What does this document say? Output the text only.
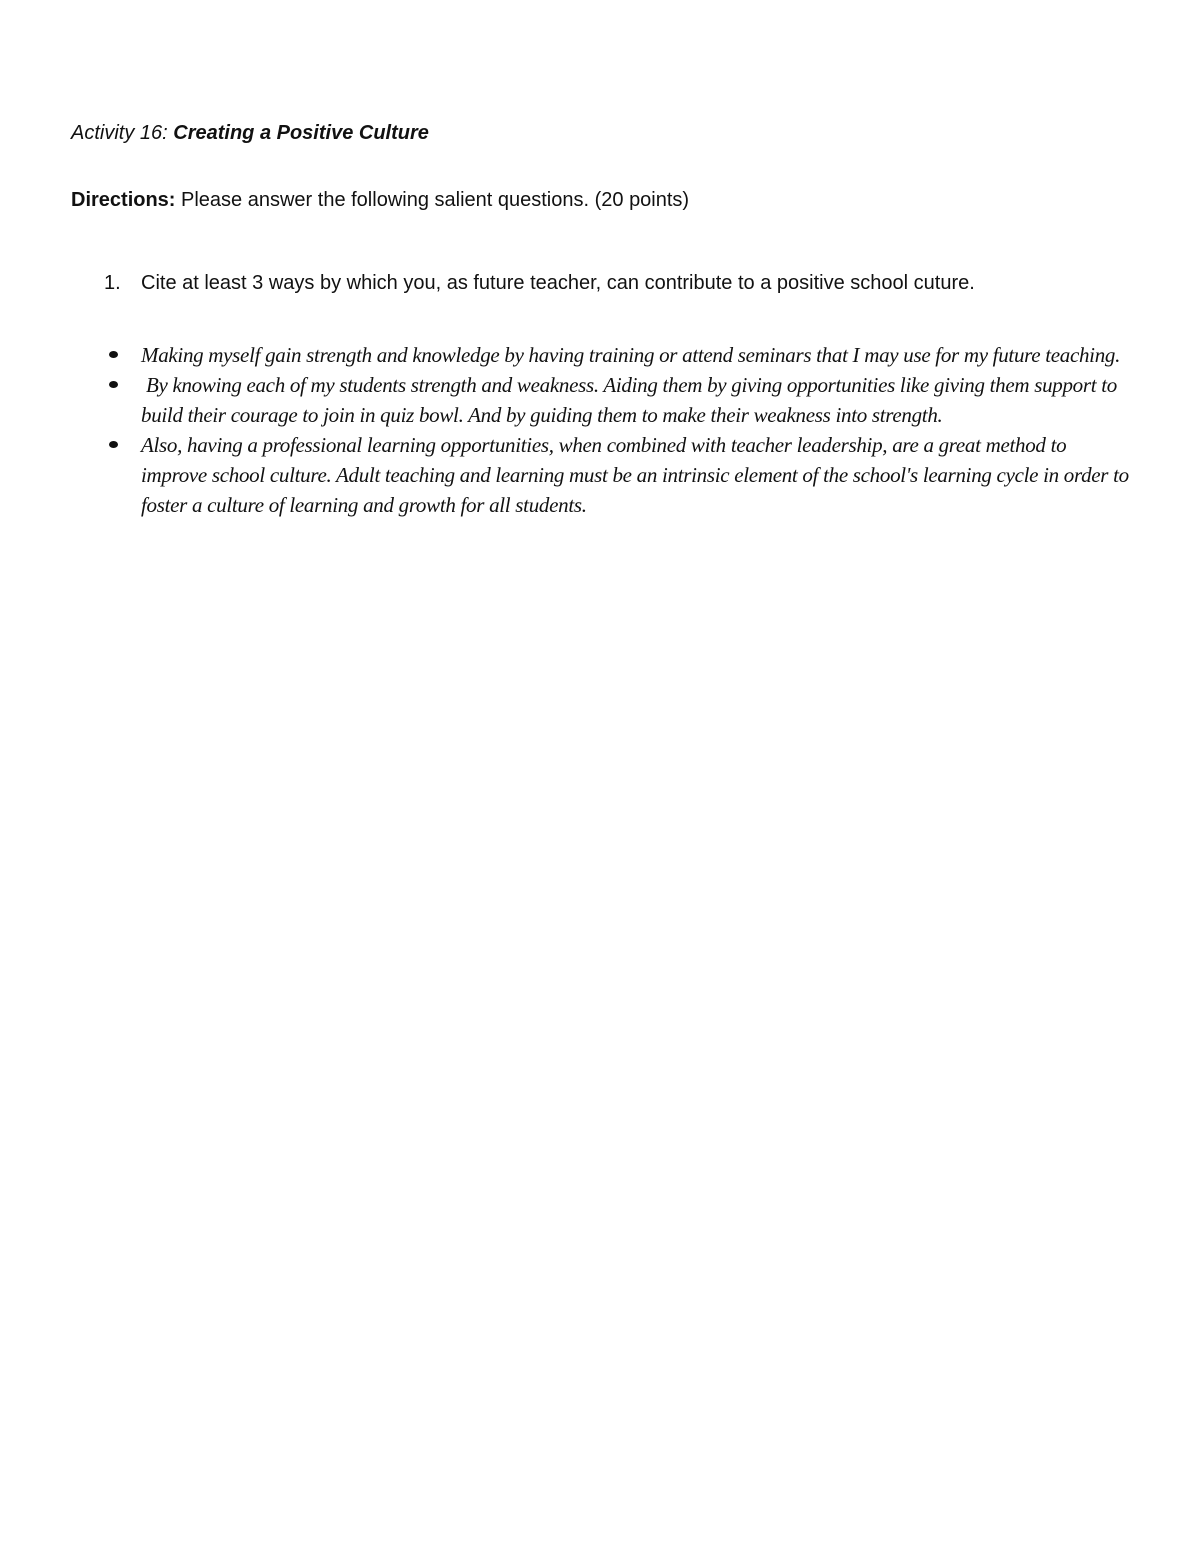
Activity 16: Creating a Positive Culture
Directions: Please answer the following salient questions. (20 points)
1. Cite at least 3 ways by which you, as future teacher, can contribute to a positive school cuture.
Making myself gain strength and knowledge by having training or attend seminars that I may use for my future teaching.
By knowing each of my students strength and weakness. Aiding them by giving opportunities like giving them support to build their courage to join in quiz bowl. And by guiding them to make their weakness into strength.
Also, having a professional learning opportunities, when combined with teacher leadership, are a great method to improve school culture. Adult teaching and learning must be an intrinsic element of the school's learning cycle in order to foster a culture of learning and growth for all students.
